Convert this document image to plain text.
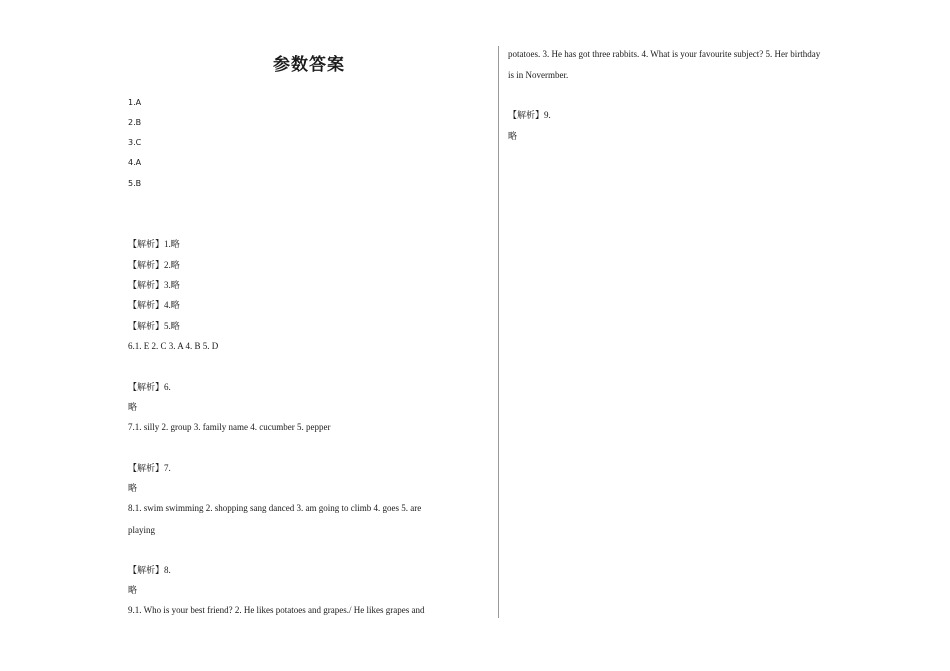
参数答案
1.A
2.B
3.C
4.A
5.B
【解析】1.略
【解析】2.略
【解析】3.略
【解析】4.略
【解析】5.略
6.1. E 2. C 3. A 4. B 5. D
【解析】6.
略
7.1. silly 2. group 3. family name 4. cucumber 5. pepper
【解析】7.
略
8.1. swim swimming 2. shopping sang danced 3. am going to climb 4. goes 5. are
playing
【解析】8.
略
9.1. Who is your best friend? 2. He likes potatoes and grapes./ He likes grapes and
potatoes. 3. He has got three rabbits. 4. What is your favourite subject? 5. Her birthday
is in Novermber.
【解析】9.
略
